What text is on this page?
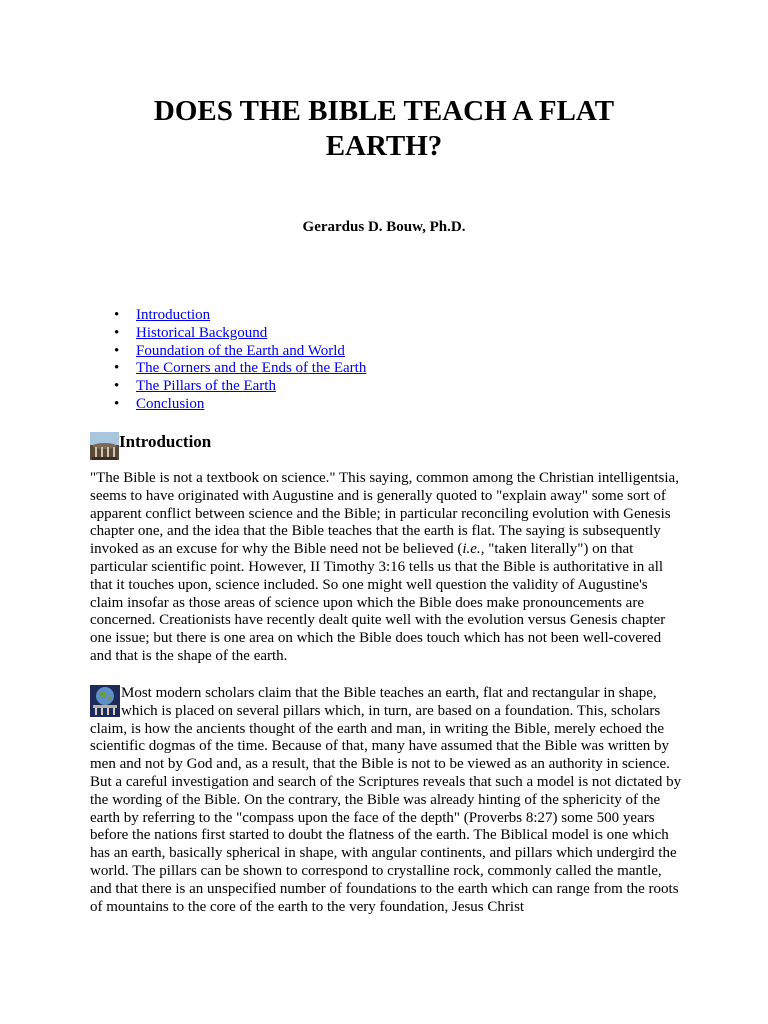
DOES THE BIBLE TEACH A FLAT
EARTH?

Gerardus D. Bouw, Ph.D.

• Introduction
• Historical Backgound
• Foundation of the Earth and World
• The Corners and the Ends of the Earth
• The Pillars of the Earth
• Conclusion
Introduction

"The Bible is not a textbook on science." This saying, common among the Christian intelligentsia, seems to have originated with Augustine and is generally quoted to "explain away" some sort of apparent conflict between science and the Bible; in particular reconciling evolution with Genesis chapter one, and the idea that the Bible teaches that the earth is flat. The saying is subsequently invoked as an excuse for why the Bible need not be believed (i.e., "taken literally") on that particular scientific point. However, II Timothy 3:16 tells us that the Bible is authoritative in all that it touches upon, science included. So one might well question the validity of Augustine's claim insofar as those areas of science upon which the Bible does make pronouncements are concerned. Creationists have recently dealt quite well with the evolution versus Genesis chapter one issue; but there is one area on which the Bible does touch which has not been well-covered and that is the shape of the earth.

Most modern scholars claim that the Bible teaches an earth, flat and rectangular in shape, which is placed on several pillars which, in turn, are based on a foundation. This, scholars claim, is how the ancients thought of the earth and man, in writing the Bible, merely echoed the scientific dogmas of the time. Because of that, many have assumed that the Bible was written by men and not by God and, as a result, that the Bible is not to be viewed as an authority in science. But a careful investigation and search of the Scriptures reveals that such a model is not dictated by the wording of the Bible. On the contrary, the Bible was already hinting of the sphericity of the earth by referring to the "compass upon the face of the depth" (Proverbs 8:27) some 500 years before the nations first started to doubt the flatness of the earth. The Biblical model is one which has an earth, basically spherical in shape, with angular continents, and pillars which undergird the world. The pillars can be shown to correspond to crystalline rock, commonly called the mantle, and that there is an unspecified number of foundations to the earth which can range from the roots of mountains to the core of the earth to the very foundation, Jesus Christ
